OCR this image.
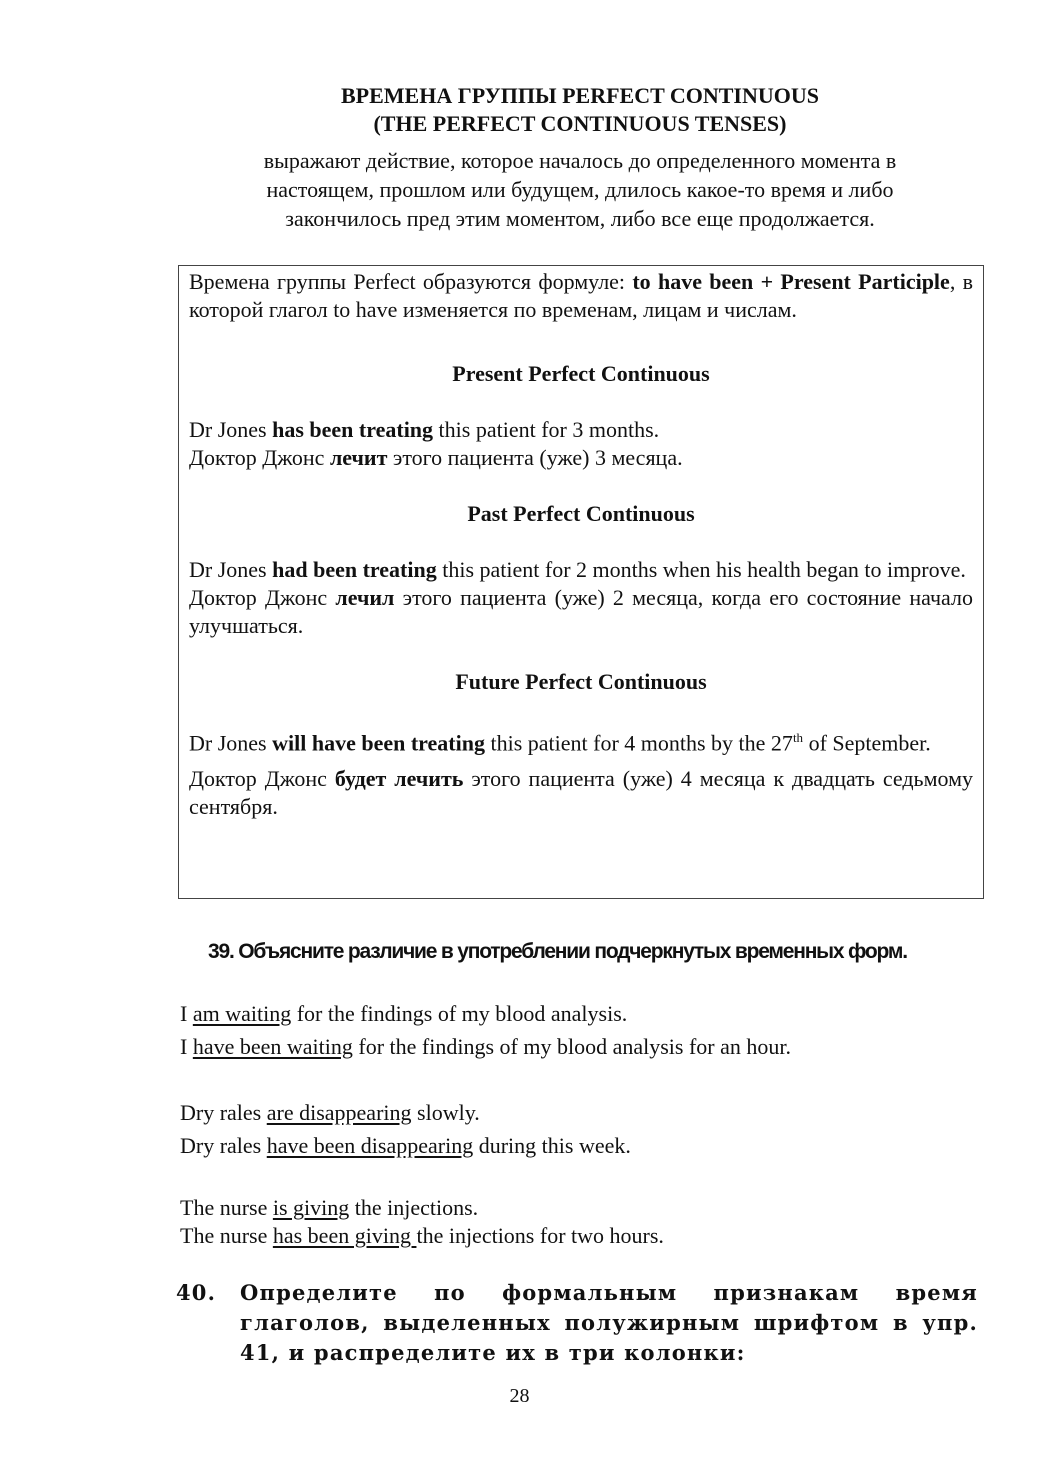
ВРЕМЕНА ГРУППЫ PERFECT CONTINUOUS
(THE PERFECT CONTINUOUS TENSES)
выражают действие, которое началось до определенного момента в
настоящем, прошлом или будущем, длилось какое-то время и либо
закончилось пред этим моментом, либо все еще продолжается.

Времена группы Perfect образуются формуле: to have been + Present Participle, в которой глагол to have изменяется по временам, лицам и числам.

Present Perfect Continuous

Dr Jones has been treating this patient for 3 months.

Доктор Джонс лечит этого пациента (уже) 3 месяца.

Past Perfect Continuous

Dr Jones had been treating this patient for 2 months when his health began to improve.

Доктор Джонс лечил этого пациента (уже) 2 месяца, когда его состояние начало улучшаться.

Future Perfect Continuous

Dr Jones will have been treating this patient for 4 months by the 27th of September.

Доктор Джонс будет лечить этого пациента (уже) 4 месяца к двадцать седьмому сентября.

39. Объясните различие в употреблении подчеркнутых временных форм.
I am waiting for the findings of my blood analysis.
I have been waiting for the findings of my blood analysis for an hour.
Dry rales are disappearing slowly.
Dry rales have been disappearing during this week.
The nurse is giving the injections.
The nurse has been giving the injections for two hours.
40. Определите по формальным признакам время глаголов, выделенных полужирным шрифтом в упр. 41, и распределите их в три колонки:
28
